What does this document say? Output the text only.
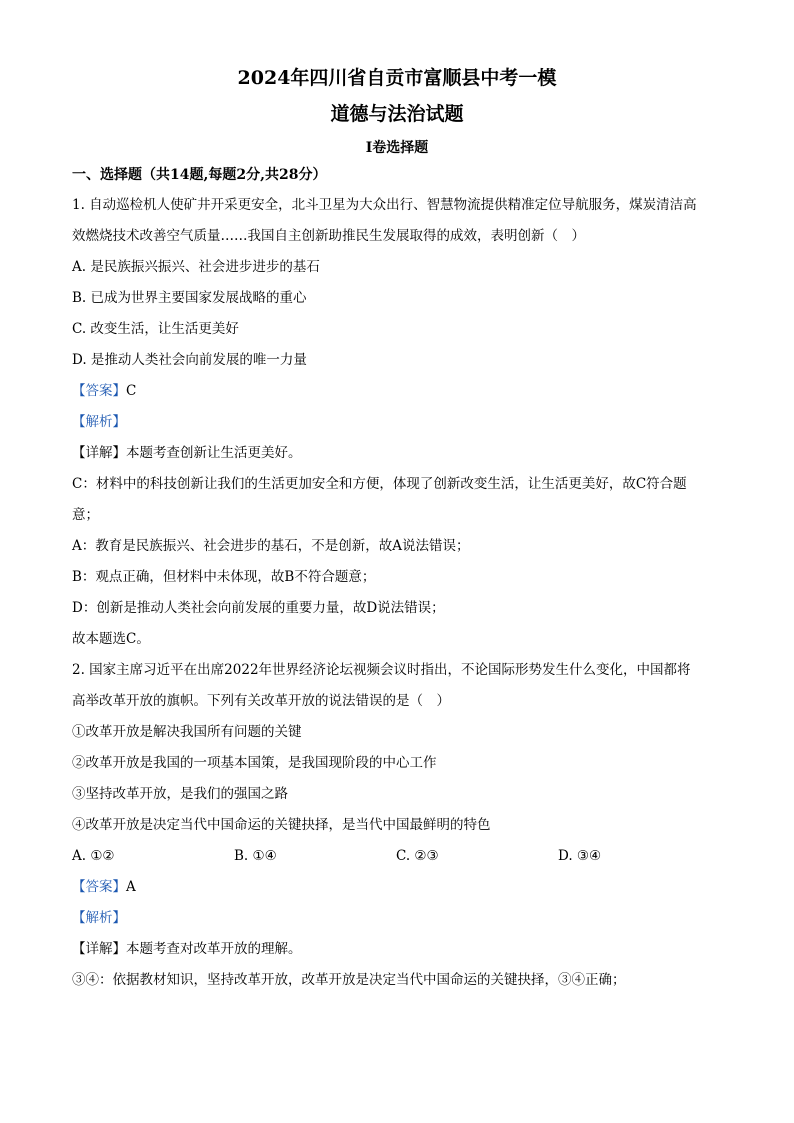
2024年四川省自贡市富顺县中考一模
道德与法治试题
I卷选择题
一、选择题（共14题,每题2分,共28分）
1. 自动巡检机人使矿井开采更安全，北斗卫星为大众出行、智慧物流提供精准定位导航服务，煤炭清洁高
效燃烧技术改善空气质量……我国自主创新助推民生发展取得的成效，表明创新（　）
A. 是民族振兴振兴、社会进步进步的基石
B. 已成为世界主要国家发展战略的重心
C. 改变生活，让生活更美好
D. 是推动人类社会向前发展的唯一力量
【答案】C
【解析】
【详解】本题考查创新让生活更美好。
C：材料中的科技创新让我们的生活更加安全和方便，体现了创新改变生活，让生活更美好，故C符合题
意；
A：教育是民族振兴、社会进步的基石，不是创新，故A说法错误；
B：观点正确，但材料中未体现，故B不符合题意；
D：创新是推动人类社会向前发展的重要力量，故D说法错误；
故本题选C。
2. 国家主席习近平在出席2022年世界经济论坛视频会议时指出，不论国际形势发生什么变化，中国都将
高举改革开放的旗帜。下列有关改革开放的说法错误的是（　）
①改革开放是解决我国所有问题的关键
②改革开放是我国的一项基本国策，是我国现阶段的中心工作
③坚持改革开放，是我们的强国之路
④改革开放是决定当代中国命运的关键抉择，是当代中国最鲜明的特色
A. ①②	B. ①④	C. ②③	D. ③④
【答案】A
【解析】
【详解】本题考查对改革开放的理解。
③④：依据教材知识，坚持改革开放，改革开放是决定当代中国命运的关键抉择，③④正确；
